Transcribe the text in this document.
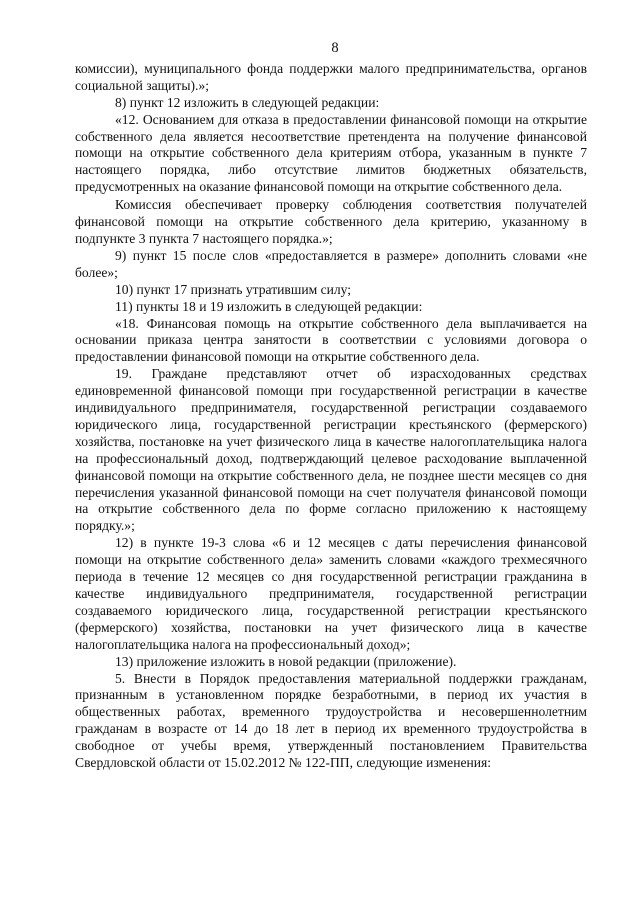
8

комиссии), муниципального фонда поддержки малого предпринимательства, органов социальной защиты).»;

8) пункт 12 изложить в следующей редакции:

«12. Основанием для отказа в предоставлении финансовой помощи на открытие собственного дела является несоответствие претендента на получение финансовой помощи на открытие собственного дела критериям отбора, указанным в пункте 7 настоящего порядка, либо отсутствие лимитов бюджетных обязательств, предусмотренных на оказание финансовой помощи на открытие собственного дела.

Комиссия обеспечивает проверку соблюдения соответствия получателей финансовой помощи на открытие собственного дела критерию, указанному в подпункте 3 пункта 7 настоящего порядка.»;

9) пункт 15 после слов «предоставляется в размере» дополнить словами «не более»;

10) пункт 17 признать утратившим силу;

11) пункты 18 и 19 изложить в следующей редакции:

«18. Финансовая помощь на открытие собственного дела выплачивается на основании приказа центра занятости в соответствии с условиями договора о предоставлении финансовой помощи на открытие собственного дела.

19. Граждане представляют отчет об израсходованных средствах единовременной финансовой помощи при государственной регистрации в качестве индивидуального предпринимателя, государственной регистрации создаваемого юридического лица, государственной регистрации крестьянского (фермерского) хозяйства, постановке на учет физического лица в качестве налогоплательщика налога на профессиональный доход, подтверждающий целевое расходование выплаченной финансовой помощи на открытие собственного дела, не позднее шести месяцев со дня перечисления указанной финансовой помощи на счет получателя финансовой помощи на открытие собственного дела по форме согласно приложению к настоящему порядку.»;

12) в пункте 19-3 слова «6 и 12 месяцев с даты перечисления финансовой помощи на открытие собственного дела» заменить словами «каждого трехмесячного периода в течение 12 месяцев со дня государственной регистрации гражданина в качестве индивидуального предпринимателя, государственной регистрации создаваемого юридического лица, государственной регистрации крестьянского (фермерского) хозяйства, постановки на учет физического лица в качестве налогоплательщика налога на профессиональный доход»;

13) приложение изложить в новой редакции (приложение).

5. Внести в Порядок предоставления материальной поддержки гражданам, признанным в установленном порядке безработными, в период их участия в общественных работах, временного трудоустройства и несовершеннолетним гражданам в возрасте от 14 до 18 лет в период их временного трудоустройства в свободное от учебы время, утвержденный постановлением Правительства Свердловской области от 15.02.2012 № 122-ПП, следующие изменения:
